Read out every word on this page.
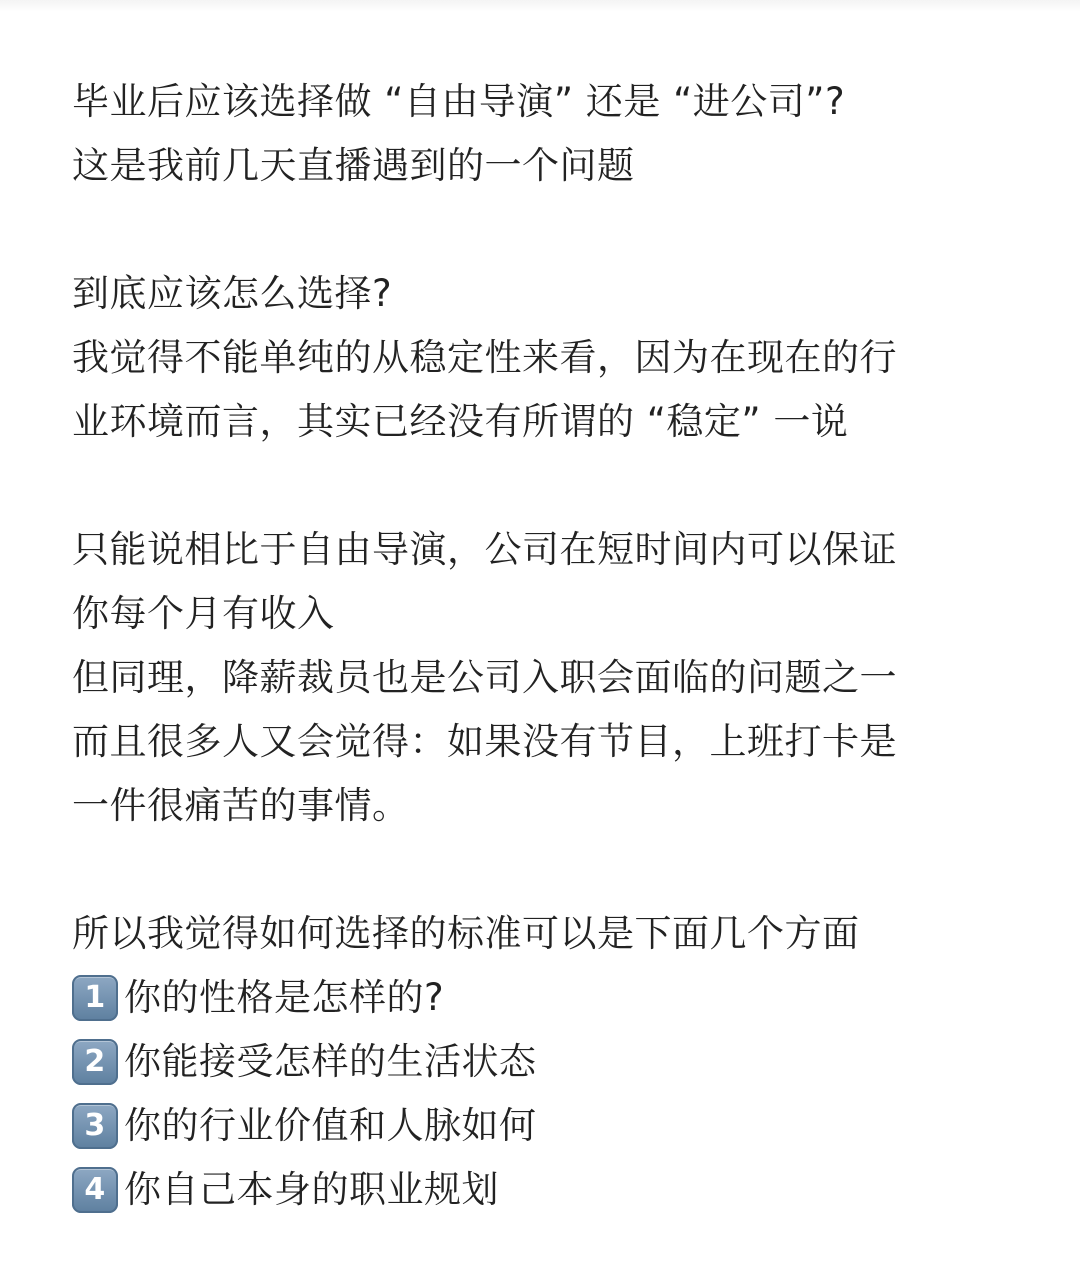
毕业后应该选择做 “自由导演” 还是 “进公司”?
这是我前几天直播遇到的一个问题
到底应该怎么选择?
我觉得不能单纯的从稳定性来看，因为在现在的行
业环境而言，其实已经没有所谓的 “稳定” 一说
只能说相比于自由导演，公司在短时间内可以保证
你每个月有收入
但同理，降薪裁员也是公司入职会面临的问题之一
而且很多人又会觉得：如果没有节目，上班打卡是
一件很痛苦的事情。
所以我觉得如何选择的标准可以是下面几个方面
1 你的性格是怎样的?
2 你能接受怎样的生活状态
3 你的行业价值和人脉如何
4 你自己本身的职业规划
